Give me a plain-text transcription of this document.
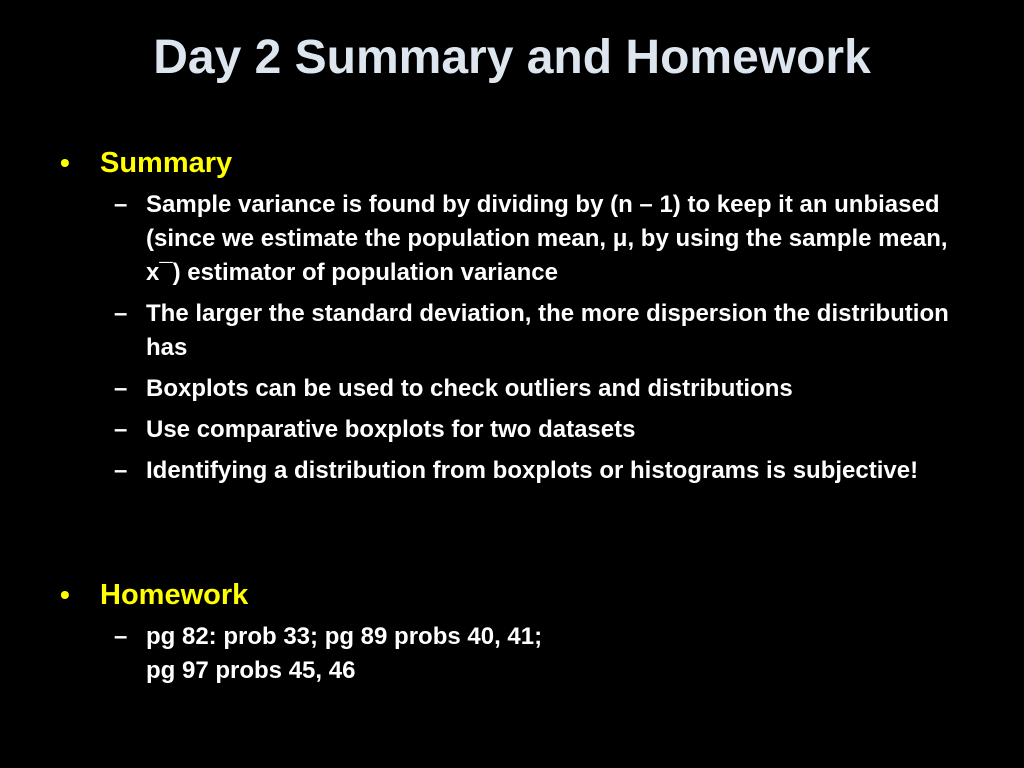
Day 2 Summary and Homework
• Summary
– Sample variance is found by dividing by (n – 1) to keep it an unbiased (since we estimate the population mean, μ, by using the sample mean, x¯) estimator of population variance
– The larger the standard deviation, the more dispersion the distribution has
– Boxplots can be used to check outliers and distributions
– Use comparative boxplots for two datasets
– Identifying a distribution from boxplots or histograms is subjective!
• Homework
– pg 82: prob 33; pg 89 probs 40, 41;
pg 97 probs 45, 46
